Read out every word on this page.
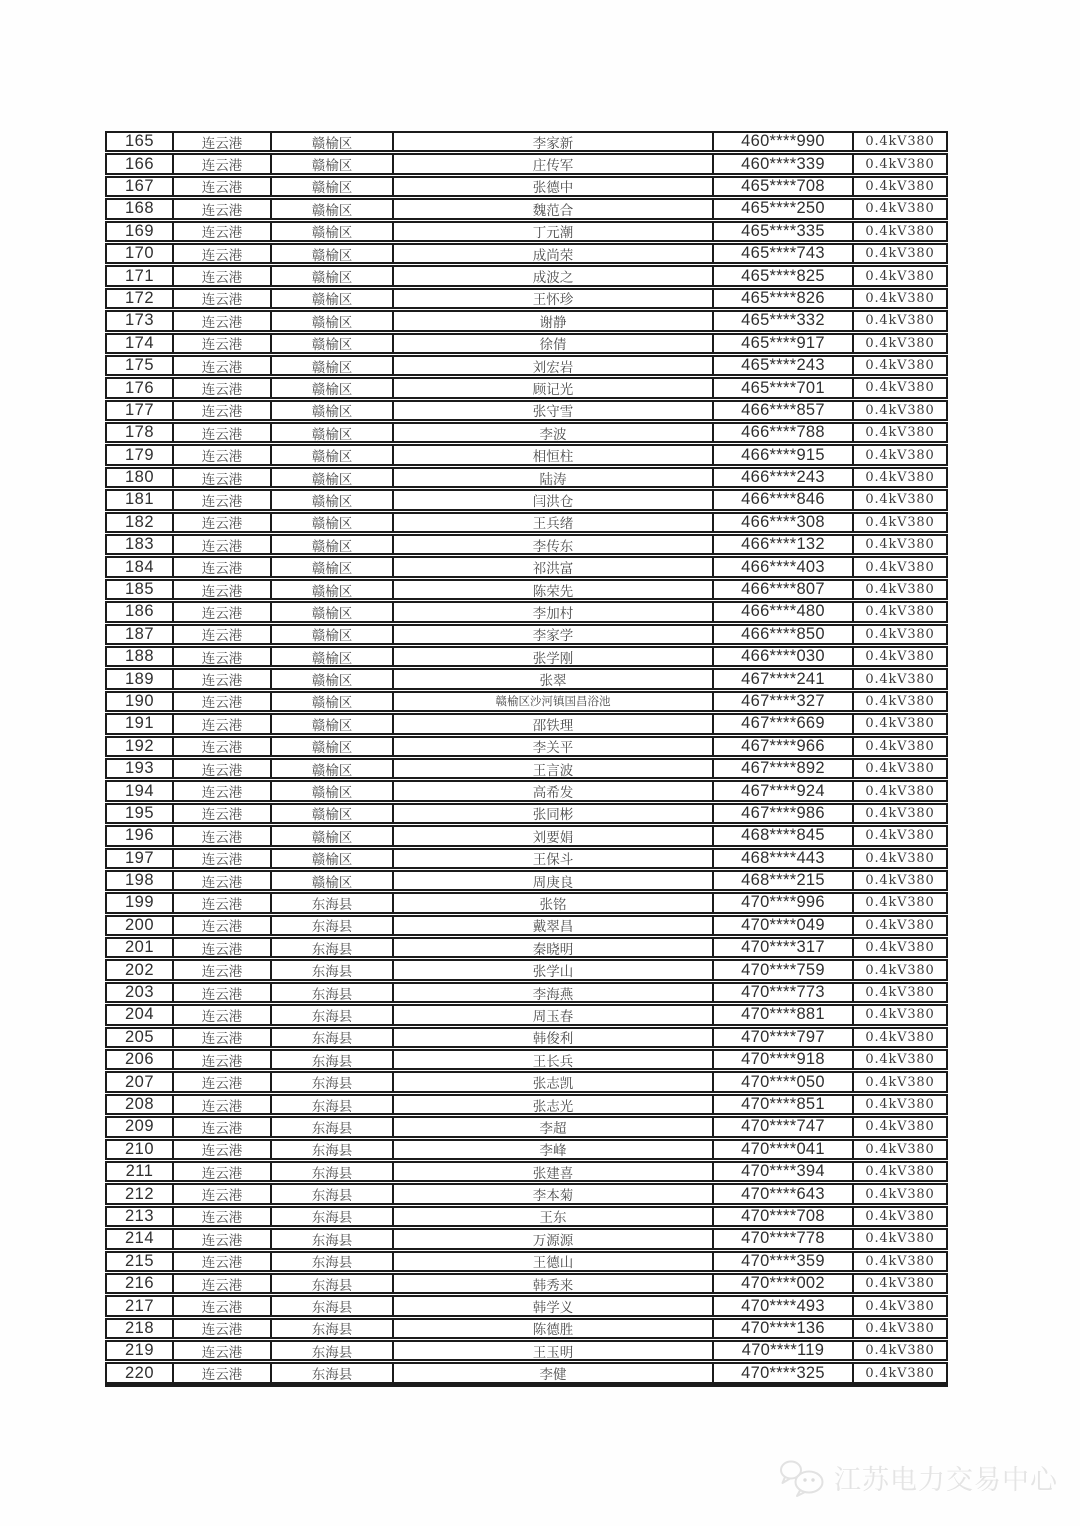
165	连云港	赣榆区	李家新	460****990	0.4kV380
166	连云港	赣榆区	庄传军	460****339	0.4kV380
167	连云港	赣榆区	张德中	465****708	0.4kV380
168	连云港	赣榆区	魏范合	465****250	0.4kV380
169	连云港	赣榆区	丁元潮	465****335	0.4kV380
170	连云港	赣榆区	成尚荣	465****743	0.4kV380
171	连云港	赣榆区	成波之	465****825	0.4kV380
172	连云港	赣榆区	王怀珍	465****826	0.4kV380
173	连云港	赣榆区	谢静	465****332	0.4kV380
174	连云港	赣榆区	徐倩	465****917	0.4kV380
175	连云港	赣榆区	刘宏岩	465****243	0.4kV380
176	连云港	赣榆区	顾记光	465****701	0.4kV380
177	连云港	赣榆区	张守雪	466****857	0.4kV380
178	连云港	赣榆区	李波	466****788	0.4kV380
179	连云港	赣榆区	相恒柱	466****915	0.4kV380
180	连云港	赣榆区	陆涛	466****243	0.4kV380
181	连云港	赣榆区	闫洪仓	466****846	0.4kV380
182	连云港	赣榆区	王兵绪	466****308	0.4kV380
183	连云港	赣榆区	李传东	466****132	0.4kV380
184	连云港	赣榆区	祁洪富	466****403	0.4kV380
185	连云港	赣榆区	陈荣先	466****807	0.4kV380
186	连云港	赣榆区	李加村	466****480	0.4kV380
187	连云港	赣榆区	李家学	466****850	0.4kV380
188	连云港	赣榆区	张学刚	466****030	0.4kV380
189	连云港	赣榆区	张翠	467****241	0.4kV380
190	连云港	赣榆区	赣榆区沙河镇国昌浴池	467****327	0.4kV380
191	连云港	赣榆区	邵铁理	467****669	0.4kV380
192	连云港	赣榆区	李关平	467****966	0.4kV380
193	连云港	赣榆区	王言波	467****892	0.4kV380
194	连云港	赣榆区	高希发	467****924	0.4kV380
195	连云港	赣榆区	张同彬	467****986	0.4kV380
196	连云港	赣榆区	刘要娟	468****845	0.4kV380
197	连云港	赣榆区	王保斗	468****443	0.4kV380
198	连云港	赣榆区	周庚良	468****215	0.4kV380
199	连云港	东海县	张铭	470****996	0.4kV380
200	连云港	东海县	戴翠昌	470****049	0.4kV380
201	连云港	东海县	秦晓明	470****317	0.4kV380
202	连云港	东海县	张学山	470****759	0.4kV380
203	连云港	东海县	李海燕	470****773	0.4kV380
204	连云港	东海县	周玉春	470****881	0.4kV380
205	连云港	东海县	韩俊利	470****797	0.4kV380
206	连云港	东海县	王长兵	470****918	0.4kV380
207	连云港	东海县	张志凯	470****050	0.4kV380
208	连云港	东海县	张志光	470****851	0.4kV380
209	连云港	东海县	李超	470****747	0.4kV380
210	连云港	东海县	李峰	470****041	0.4kV380
211	连云港	东海县	张建喜	470****394	0.4kV380
212	连云港	东海县	李本菊	470****643	0.4kV380
213	连云港	东海县	王东	470****708	0.4kV380
214	连云港	东海县	万源源	470****778	0.4kV380
215	连云港	东海县	王德山	470****359	0.4kV380
216	连云港	东海县	韩秀来	470****002	0.4kV380
217	连云港	东海县	韩学义	470****493	0.4kV380
218	连云港	东海县	陈德胜	470****136	0.4kV380
219	连云港	东海县	王玉明	470****119	0.4kV380
220	连云港	东海县	李健	470****325	0.4kV380
江苏电力交易中心
